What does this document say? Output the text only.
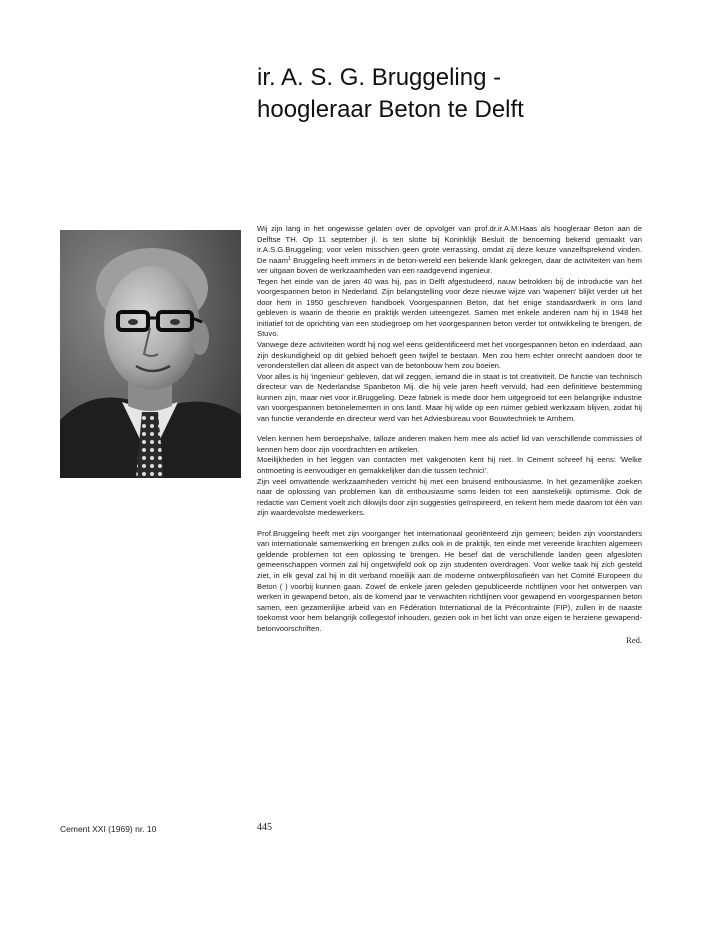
ir. A. S. G. Bruggeling -
hoogleraar Beton te Delft

Wij zijn lang in het ongewisse gelaten over de opvolger van prof.dr.ir.A.M.Haas als hoogleraar Beton aan de Delftse TH. Op 11 september jl. is ten slotte bij Koninklijk Besluit de benoeming bekend gemaakt van ir.A.S.G.Bruggeling; voor velen misschien geen grote verrassing, omdat zij deze keuze vanzelfsprekend vinden. De naam$^1$ Bruggeling heeft immers in de beton-wereld een bekende klank gekregen, daar de activiteiten van hem ver uitgaan boven de werkzaamheden van een raadgevend ingenieur.

Tegen het einde van de jaren 40 was hij, pas in Delft afgestudeerd, nauw betrokken bij de introductie van het voorgespannen beton in Nederland. Zijn belangstelling voor deze nieuwe wijze van 'wapenen' blijkt verder uit het door hem in 1950 geschreven handboek Voorgespannen Beton, dat het enige standaardwerk in ons land gebleven is waarin de theorie en praktijk werden uiteengezet. Samen met enkele anderen nam hij in 1948 het initiatief tot de oprichting van een studiegroep om het voorgespannen beton verder tot ontwikkeling te brengen, de Stuvo.

Vanwege deze activiteiten wordt hij nog wel eens geïdentificeerd met het voorgespannen beton en inderdaad, aan zijn deskundigheid op dit gebied behoeft geen twijfel te bestaan. Men zou hem echter onrecht aandoen door te veronderstellen dat alleen dit aspect van de betonbouw hem zou boeien.

Voor alles is hij 'ingenieur' gebleven, dat wil zeggen, iemand die in staat is tot creativiteit. De functie van technisch directeur van de Nederlandse Spanbeton Mij. die hij vele jaren heeft vervuld, had een definitieve bestemming kunnen zijn, maar niet voor ir.Bruggeling. Deze fabriek is mede door hem uitgegroeid tot een belangrijke industrie van voorgespannen betonelementen in ons land. Maar hij wilde op een ruimer gebied werkzaam blijven, zodat hij van functie veranderde en directeur werd van het Adviesbureau voor Bouwtechniek te Arnhem.

Velen kennen hem beroepshalve, talloze anderen maken hem mee als actief lid van verschillende commissies of kennen hem door zijn voordrachten en artikelen.

Moeilijkheden in het leggen van contacten met vakgenoten kent hij niet. In Cement schreef hij eens: 'Welke ontmoeting is eenvoudiger en gemakkelijker dan die tussen technici'.

Zijn veel omvattende werkzaamheden verricht hij met een bruisend enthousiasme. In het gezamenlijke zoeken naar de oplossing van problemen kan dit enthousiasme soms leiden tot een aanstekelijk optimisme. Ook de redactie van Cement voelt zich dikwijls door zijn suggesties geïnspireerd, en rekent hem mede daarom tot één van zijn waardevolste medewerkers.

Prof.Bruggeling heeft met zijn voorganger het internationaal georiënteerd zijn gemeen; beiden zijn voorstanders van internationale samenwerking en brengen zulks ook in de praktijk, ten einde met vereende krachten algemeen geldende problemen tot een oplossing te brengen. He besef dat de verschillende landen geen afgesloten gemeenschappen vormen zal hij ongetwijfeld ook op zijn studenten overdragen. Voor welke taak hij zich gesteld ziet, in elk geval zal hij in dit verband moeilijk aan de moderne ontwerpfilosofieën van het Comité Europeen du Beton ( ) voorbij kunnen gaan. Zowel de enkele jaren geleden gepubliceerde richtlijnen voor het ontwerpen van werken in gewapend beton, als de komend jaar te verwachten richtlijnen voor gewapend en voorgespannen beton samen, een gezamenlijke arbeid van en Fédération International de la Précontrainte (FIP), zullen in de naaste toekomst voor hem belangrijk collegestof inhouden, gezien ook in het licht van onze eigen te herziene gewapend-betonvoorschriften.

Red.
Cement XXI (1969) nr. 10	445
